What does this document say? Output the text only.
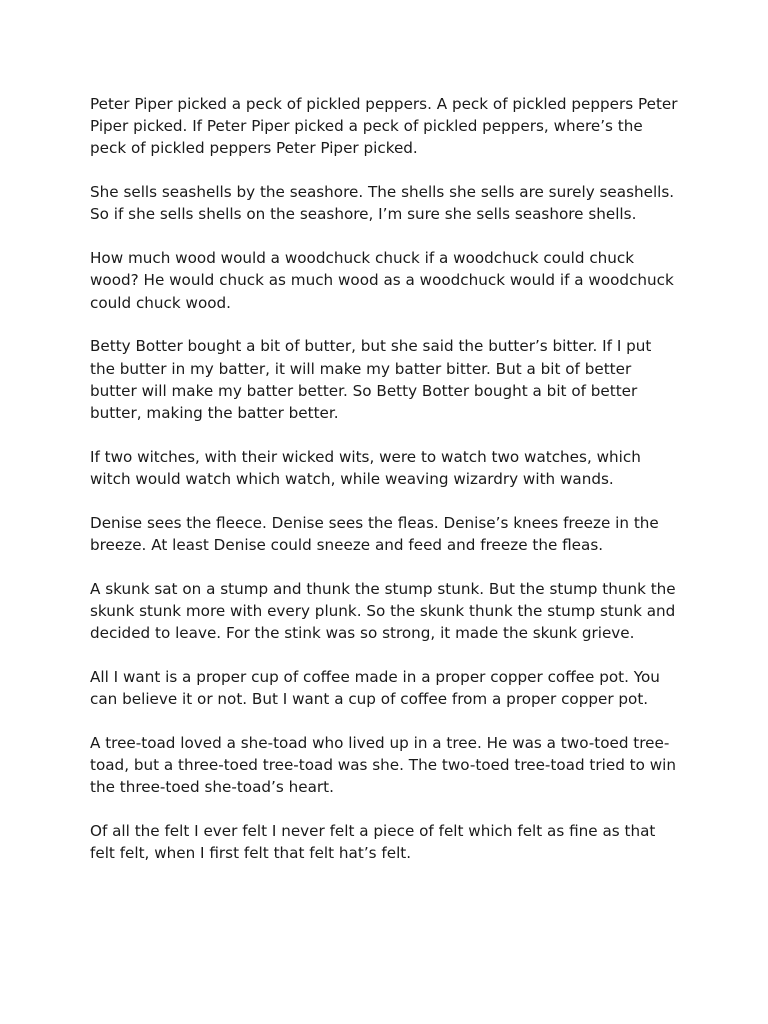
Peter Piper picked a peck of pickled peppers. A peck of pickled peppers Peter Piper picked. If Peter Piper picked a peck of pickled peppers, where’s the peck of pickled peppers Peter Piper picked.

She sells seashells by the seashore. The shells she sells are surely seashells. So if she sells shells on the seashore, I’m sure she sells seashore shells.

How much wood would a woodchuck chuck if a woodchuck could chuck wood? He would chuck as much wood as a woodchuck would if a woodchuck could chuck wood.

Betty Botter bought a bit of butter, but she said the butter’s bitter. If I put the butter in my batter, it will make my batter bitter. But a bit of better butter will make my batter better. So Betty Botter bought a bit of better butter, making the batter better.

If two witches, with their wicked wits, were to watch two watches, which witch would watch which watch, while weaving wizardry with wands.

Denise sees the fleece. Denise sees the fleas. Denise’s knees freeze in the breeze. At least Denise could sneeze and feed and freeze the fleas.

A skunk sat on a stump and thunk the stump stunk. But the stump thunk the skunk stunk more with every plunk. So the skunk thunk the stump stunk and decided to leave. For the stink was so strong, it made the skunk grieve.

All I want is a proper cup of coffee made in a proper copper coffee pot. You can believe it or not. But I want a cup of coffee from a proper copper pot.

A tree-toad loved a she-toad who lived up in a tree. He was a two-toed tree-toad, but a three-toed tree-toad was she. The two-toed tree-toad tried to win the three-toed she-toad’s heart.

Of all the felt I ever felt I never felt a piece of felt which felt as fine as that felt felt, when I first felt that felt hat’s felt.
